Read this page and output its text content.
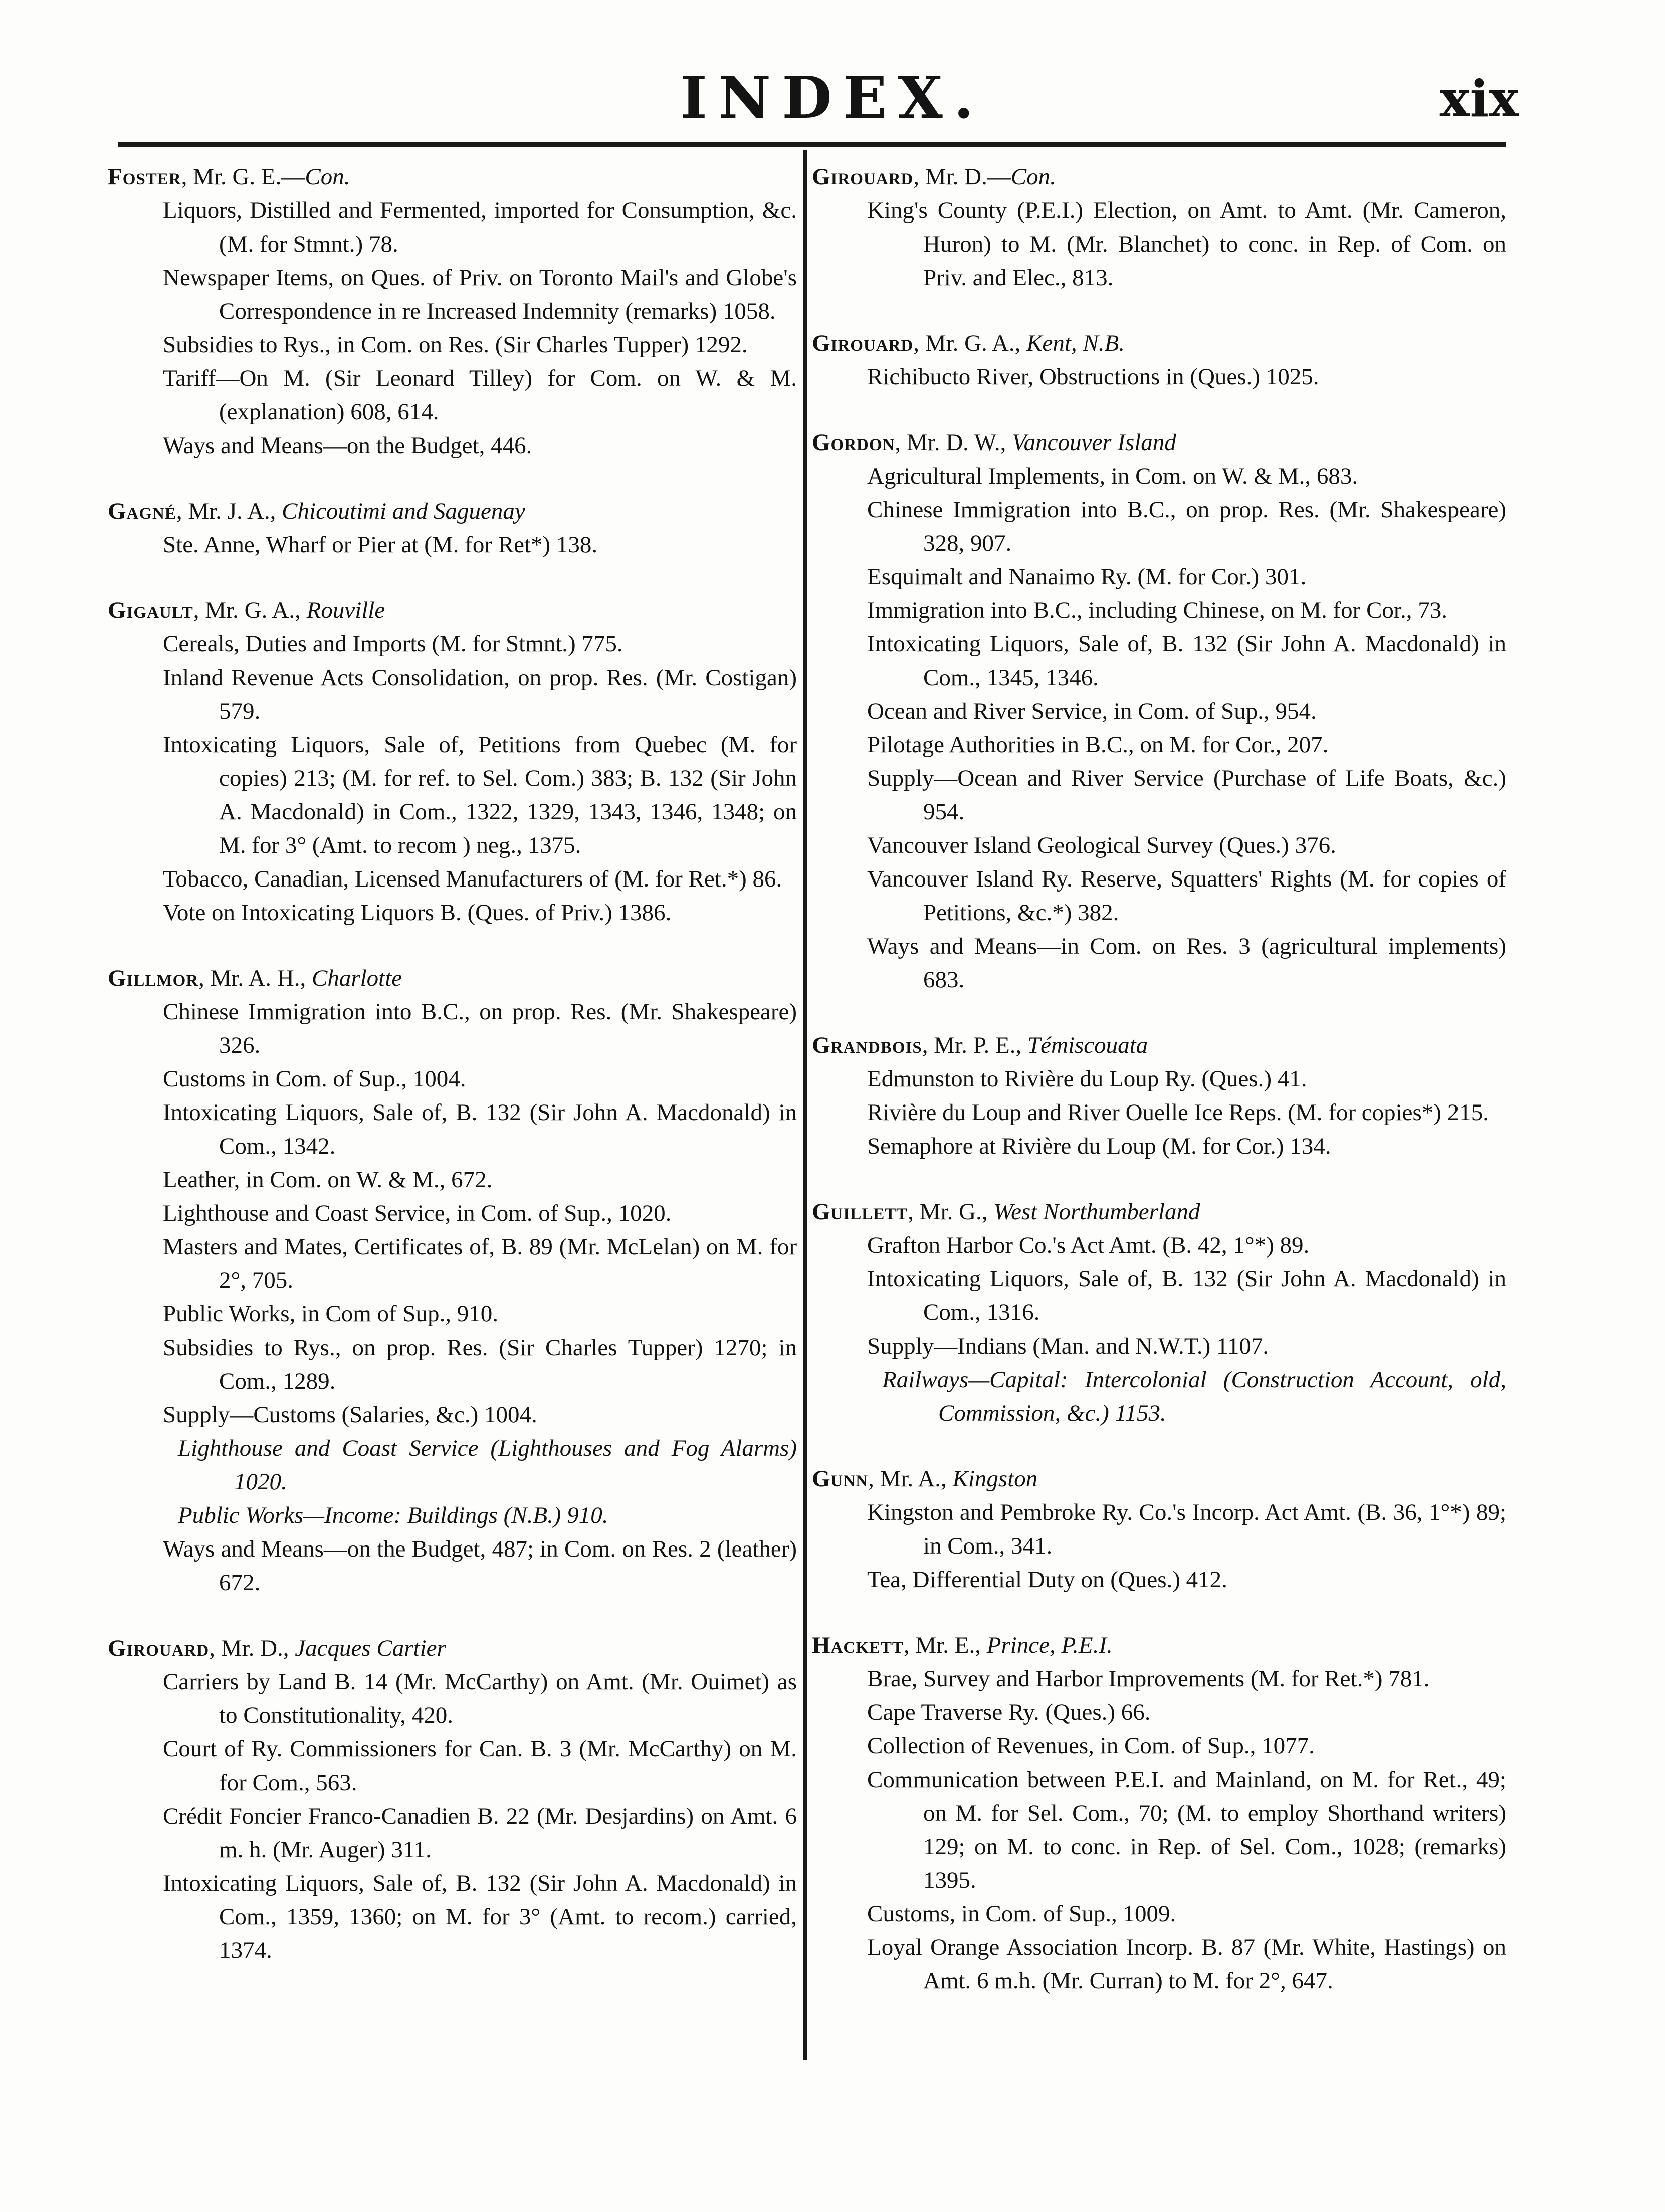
INDEX.	xix
Foster, Mr. G. E.—Con.
Liquors, Distilled and Fermented, imported for Consumption, &c. (M. for Stmnt.) 78.
Newspaper Items, on Ques. of Priv. on Toronto Mail's and Globe's Correspondence in re Increased Indemnity (remarks) 1058.
Subsidies to Rys., in Com. on Res. (Sir Charles Tupper) 1292.
Tariff—On M. (Sir Leonard Tilley) for Com. on W. & M. (explanation) 608, 614.
Ways and Means—on the Budget, 446.
Gagné, Mr. J. A., Chicoutimi and Saguenay
Ste. Anne, Wharf or Pier at (M. for Ret*) 138.
Gigault, Mr. G. A., Rouville
Cereals, Duties and Imports (M. for Stmnt.) 775.
Inland Revenue Acts Consolidation, on prop. Res. (Mr. Costigan) 579.
Intoxicating Liquors, Sale of, Petitions from Quebec (M. for copies) 213; (M. for ref. to Sel. Com.) 383; B. 132 (Sir John A. Macdonald) in Com., 1322, 1329, 1343, 1346, 1348; on M. for 3° (Amt. to recom ) neg., 1375.
Tobacco, Canadian, Licensed Manufacturers of (M. for Ret.*) 86.
Vote on Intoxicating Liquors B. (Ques. of Priv.) 1386.
Gillmor, Mr. A. H., Charlotte
Chinese Immigration into B.C., on prop. Res. (Mr. Shakespeare) 326.
Customs in Com. of Sup., 1004.
Intoxicating Liquors, Sale of, B. 132 (Sir John A. Macdonald) in Com., 1342.
Leather, in Com. on W. & M., 672.
Lighthouse and Coast Service, in Com. of Sup., 1020.
Masters and Mates, Certificates of, B. 89 (Mr. McLelan) on M. for 2°, 705.
Public Works, in Com of Sup., 910.
Subsidies to Rys., on prop. Res. (Sir Charles Tupper) 1270; in Com., 1289.
Supply—Customs (Salaries, &c.) 1004.
Lighthouse and Coast Service (Lighthouses and Fog Alarms) 1020.
Public Works—Income: Buildings (N.B.) 910.
Ways and Means—on the Budget, 487; in Com. on Res. 2 (leather) 672.
Girouard, Mr. D., Jacques Cartier
Carriers by Land B. 14 (Mr. McCarthy) on Amt. (Mr. Ouimet) as to Constitutionality, 420.
Court of Ry. Commissioners for Can. B. 3 (Mr. McCarthy) on M. for Com., 563.
Crédit Foncier Franco-Canadien B. 22 (Mr. Desjardins) on Amt. 6 m. h. (Mr. Auger) 311.
Intoxicating Liquors, Sale of, B. 132 (Sir John A. Macdonald) in Com., 1359, 1360; on M. for 3° (Amt. to recom.) carried, 1374.
Girouard, Mr. D.—Con.
King's County (P.E.I.) Election, on Amt. to Amt. (Mr. Cameron, Huron) to M. (Mr. Blanchet) to conc. in Rep. of Com. on Priv. and Elec., 813.
Girouard, Mr. G. A., Kent, N.B.
Richibucto River, Obstructions in (Ques.) 1025.
Gordon, Mr. D. W., Vancouver Island
Agricultural Implements, in Com. on W. & M., 683.
Chinese Immigration into B.C., on prop. Res. (Mr. Shakespeare) 328, 907.
Esquimalt and Nanaimo Ry. (M. for Cor.) 301.
Immigration into B.C., including Chinese, on M. for Cor., 73.
Intoxicating Liquors, Sale of, B. 132 (Sir John A. Macdonald) in Com., 1345, 1346.
Ocean and River Service, in Com. of Sup., 954.
Pilotage Authorities in B.C., on M. for Cor., 207.
Supply—Ocean and River Service (Purchase of Life Boats, &c.) 954.
Vancouver Island Geological Survey (Ques.) 376.
Vancouver Island Ry. Reserve, Squatters' Rights (M. for copies of Petitions, &c.*) 382.
Ways and Means—in Com. on Res. 3 (agricultural implements) 683.
Grandbois, Mr. P. E., Témiscouata
Edmunston to Rivière du Loup Ry. (Ques.) 41.
Rivière du Loup and River Ouelle Ice Reps. (M. for copies*) 215.
Semaphore at Rivière du Loup (M. for Cor.) 134.
Guillett, Mr. G., West Northumberland
Grafton Harbor Co.'s Act Amt. (B. 42, 1°*) 89.
Intoxicating Liquors, Sale of, B. 132 (Sir John A. Macdonald) in Com., 1316.
Supply—Indians (Man. and N.W.T.) 1107.
Railways—Capital: Intercolonial (Construction Account, old, Commission, &c.) 1153.
Gunn, Mr. A., Kingston
Kingston and Pembroke Ry. Co.'s Incorp. Act Amt. (B. 36, 1°*) 89; in Com., 341.
Tea, Differential Duty on (Ques.) 412.
Hackett, Mr. E., Prince, P.E.I.
Brae, Survey and Harbor Improvements (M. for Ret.*) 781.
Cape Traverse Ry. (Ques.) 66.
Collection of Revenues, in Com. of Sup., 1077.
Communication between P.E.I. and Mainland, on M. for Ret., 49; on M. for Sel. Com., 70; (M. to employ Shorthand writers) 129; on M. to conc. in Rep. of Sel. Com., 1028; (remarks) 1395.
Customs, in Com. of Sup., 1009.
Loyal Orange Association Incorp. B. 87 (Mr. White, Hastings) on Amt. 6 m.h. (Mr. Curran) to M. for 2°, 647.
